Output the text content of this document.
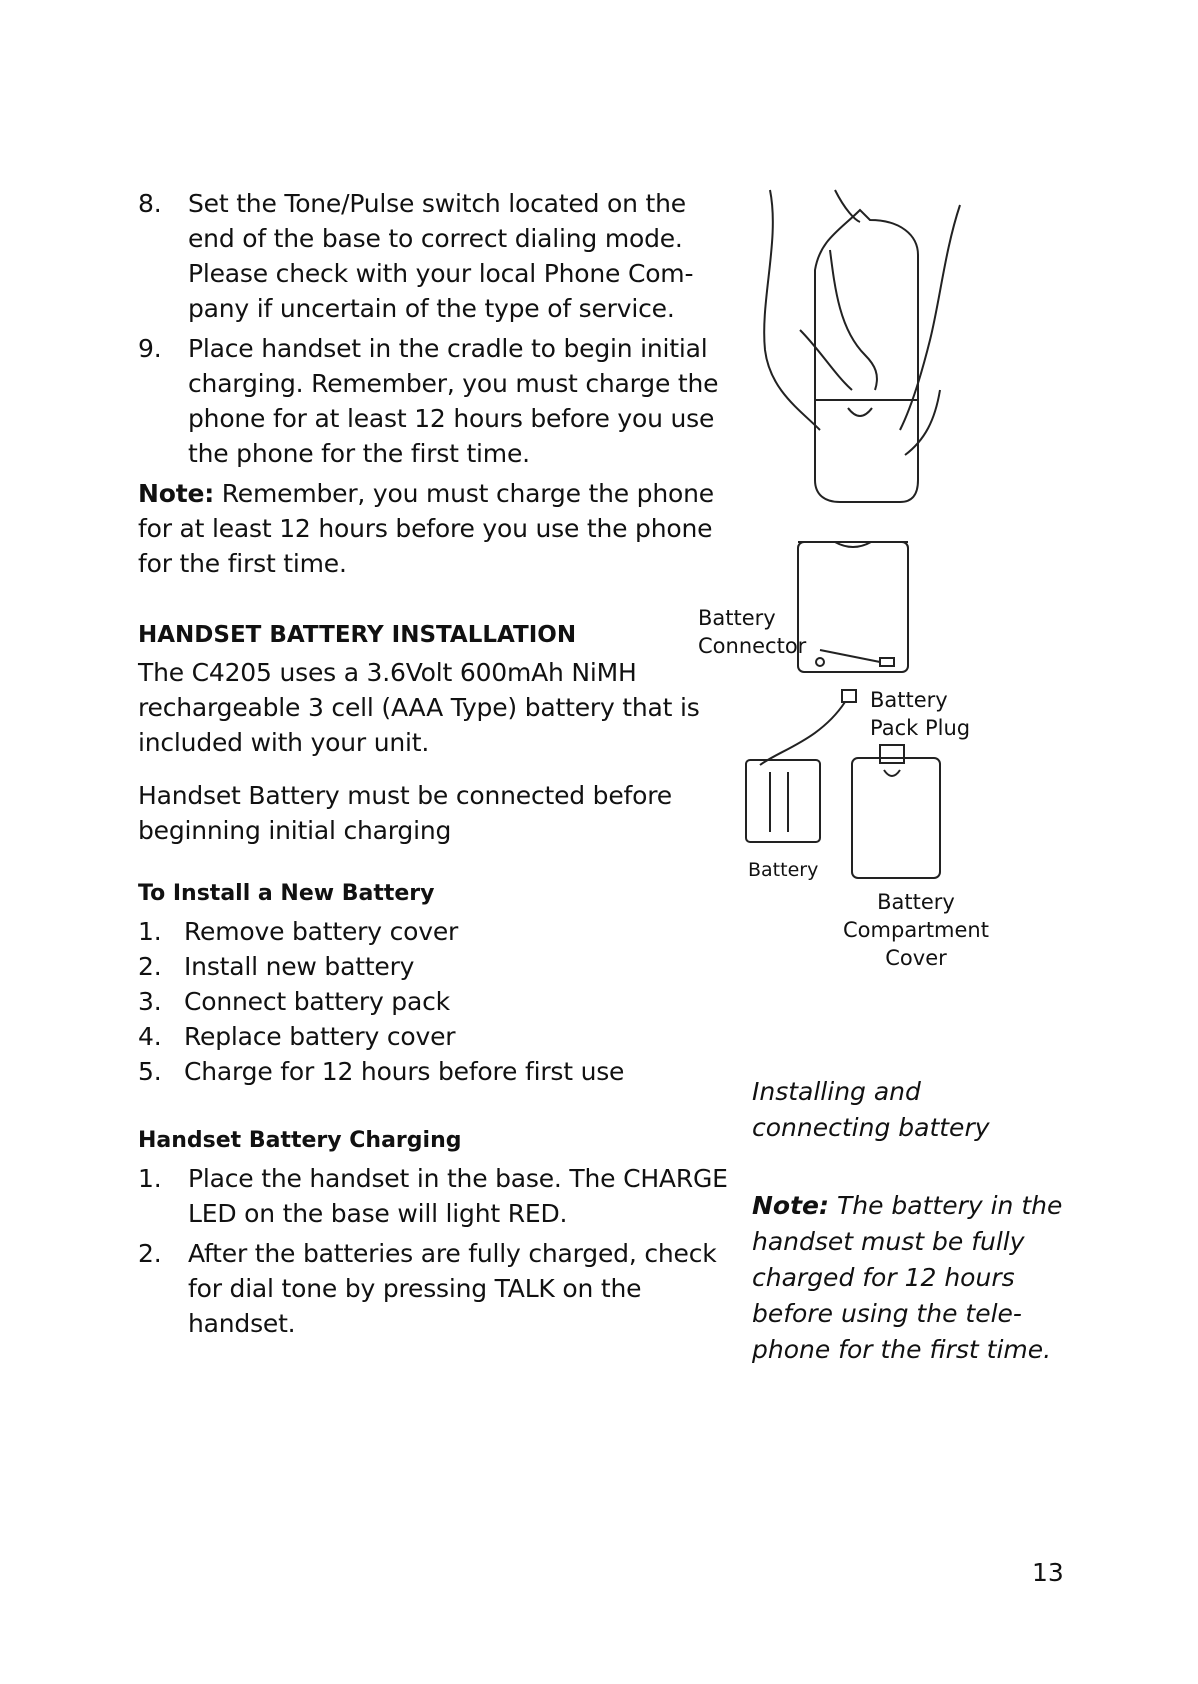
8. Set the Tone/Pulse switch located on the end of the base to correct dialing mode. Please check with your local Phone Com- pany if uncertain of the type of service.
9. Place handset in the cradle to begin initial charging. Remember, you must charge the phone for at least 12 hours before you use the phone for the first time.

Note: Remember, you must charge the phone for at least 12 hours before you use the phone for the first time.

HANDSET BATTERY INSTALLATION

The C4205 uses a 3.6Volt 600mAh NiMH rechargeable 3 cell (AAA Type) battery that is included with your unit.

Handset Battery must be connected before beginning initial charging

To Install a New Battery
1. Remove battery cover
2. Install new battery
3. Connect battery pack
4. Replace battery cover
5. Charge for 12 hours before first use
Handset Battery Charging
1. Place the handset in the base. The CHARGE LED on the base will light RED.
2. After the batteries are fully charged, check for dial tone by pressing TALK on the handset.
Battery
Connector
Battery
Pack Plug
Battery
Battery
Compartment
Cover
Installing and
connecting battery
Note: The battery in the handset must be fully charged for 12 hours before using the tele- phone for the first time.
13
